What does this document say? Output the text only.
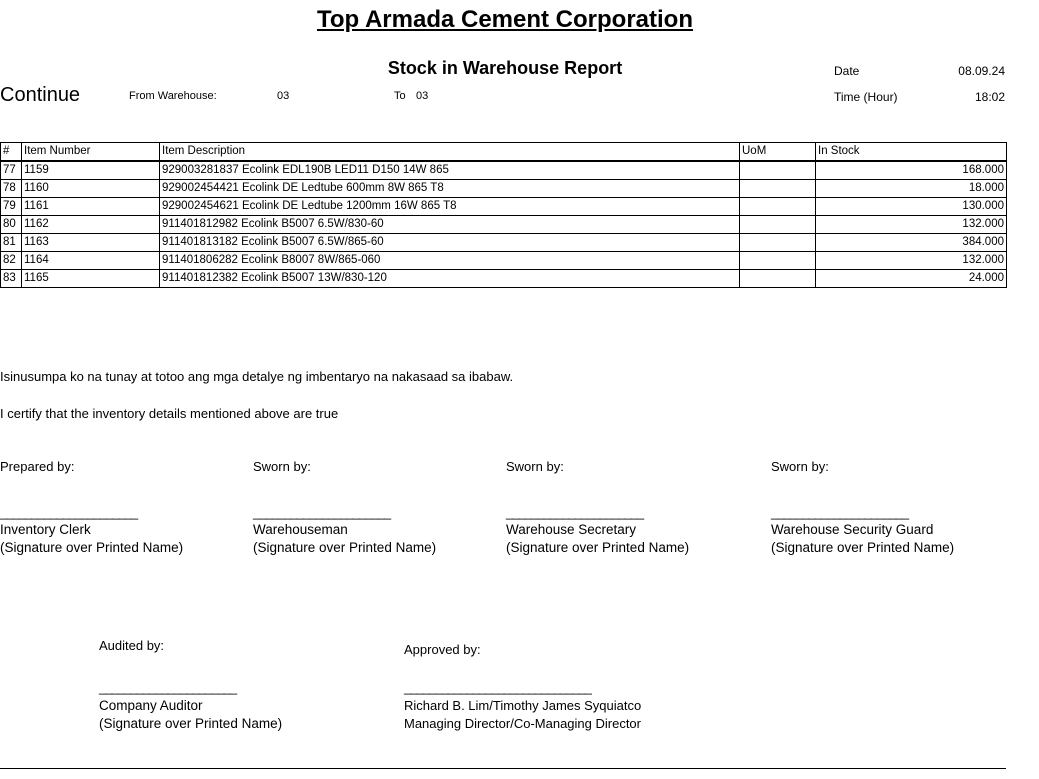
Top Armada Cement Corporation
Stock in Warehouse Report
Continue	From Warehouse:	03	To 03
Date	08.09.24
Time (Hour)	18:02
#	Item Number	Item Description	UoM	In Stock
77	1159	929003281837 Ecolink EDL190B LED11 D150 14W 865		168.000
78	1160	929002454421 Ecolink DE Ledtube 600mm 8W 865 T8		18.000
79	1161	929002454621 Ecolink DE Ledtube 1200mm 16W 865 T8		130.000
80	1162	911401812982 Ecolink B5007 6.5W/830-60		132.000
81	1163	911401813182 Ecolink B5007 6.5W/865-60		384.000
82	1164	911401806282 Ecolink B8007 8W/865-060		132.000
83	1165	911401812382 Ecolink B5007 13W/830-120		24.000
Isinusumpa ko na tunay at totoo ang mga detalye ng imbentaryo na nakasaad sa ibabaw.
I certify that the inventory details mentioned above are true
Prepared by:	Sworn by:	Sworn by:	Sworn by:
______________________	______________________	______________________	______________________
Inventory Clerk
(Signature over Printed Name)
Warehouseman
(Signature over Printed Name)
Warehouse Secretary
(Signature over Printed Name)
Warehouse Security Guard
(Signature over Printed Name)
Audited by:	Approved by:
______________________	______________________________
Company Auditor
(Signature over Printed Name)
Richard B. Lim/Timothy James Syquiatco
Managing Director/Co-Managing Director
